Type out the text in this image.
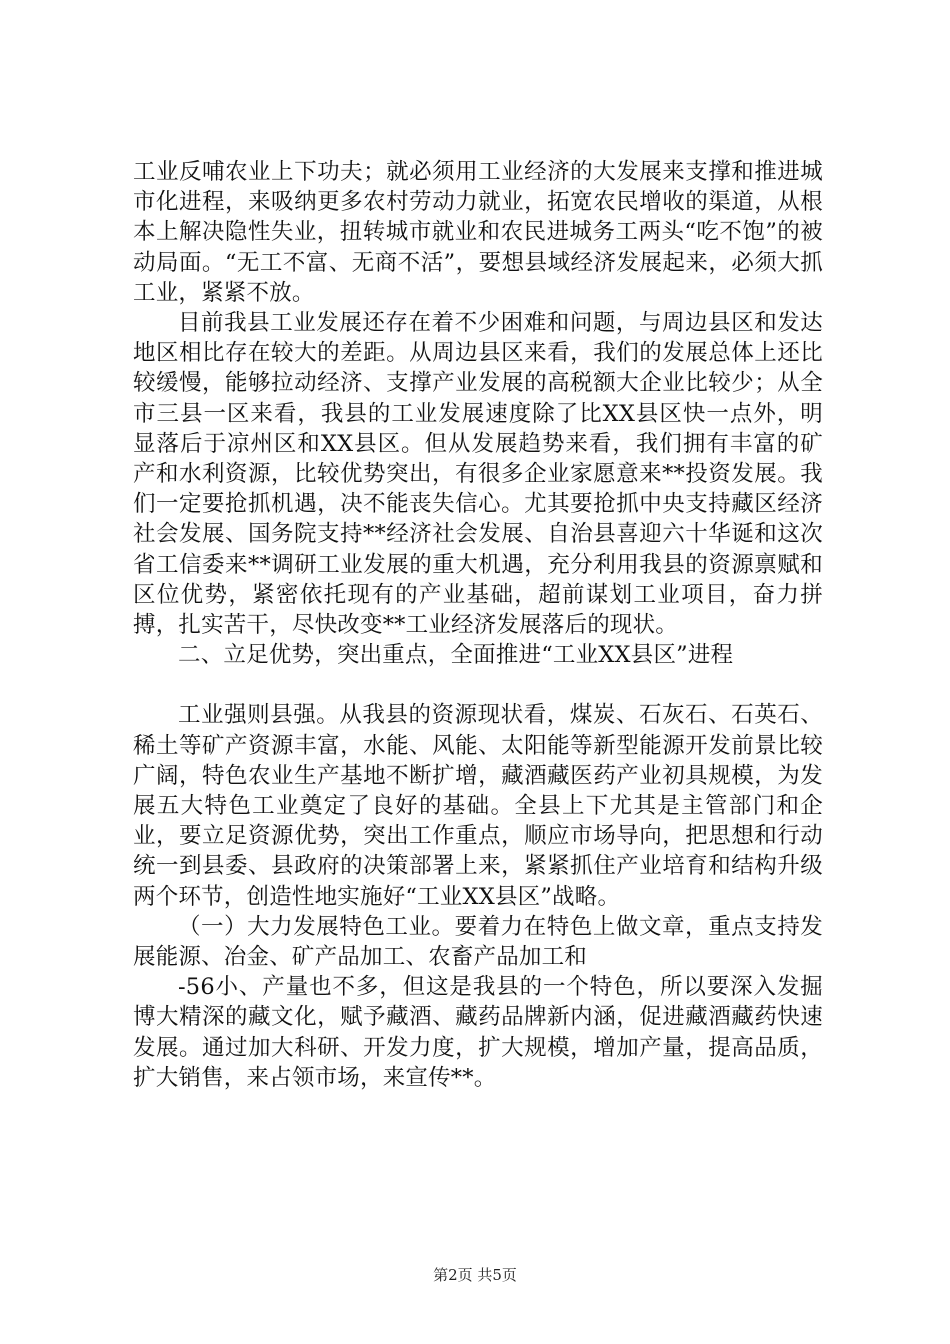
工业反哺农业上下功夫；就必须用工业经济的大发展来支撑和推进城市化进程，来吸纳更多农村劳动力就业，拓宽农民增收的渠道，从根本上解决隐性失业，扭转城市就业和农民进城务工两头“吃不饱”的被动局面。“无工不富、无商不活”，要想县域经济发展起来，必须大抓工业，紧紧不放。

目前我县工业发展还存在着不少困难和问题，与周边县区和发达地区相比存在较大的差距。从周边县区来看，我们的发展总体上还比较缓慢，能够拉动经济、支撑产业发展的高税额大企业比较少；从全市三县一区来看，我县的工业发展速度除了比XX县区快一点外，明显落后于凉州区和XX县区。但从发展趋势来看，我们拥有丰富的矿产和水利资源，比较优势突出，有很多企业家愿意来**投资发展。我们一定要抢抓机遇，决不能丧失信心。尤其要抢抓中央支持藏区经济社会发展、国务院支持**经济社会发展、自治县喜迎六十华诞和这次省工信委来**调研工业发展的重大机遇，充分利用我县的资源禀赋和区位优势，紧密依托现有的产业基础，超前谋划工业项目，奋力拼搏，扎实苦干，尽快改变**工业经济发展落后的现状。

二、立足优势，突出重点，全面推进“工业XX县区”进程

工业强则县强。从我县的资源现状看，煤炭、石灰石、石英石、稀土等矿产资源丰富，水能、风能、太阳能等新型能源开发前景比较广阔，特色农业生产基地不断扩增，藏酒藏医药产业初具规模，为发展五大特色工业奠定了良好的基础。全县上下尤其是主管部门和企业，要立足资源优势，突出工作重点，顺应市场导向，把思想和行动统一到县委、县政府的决策部署上来，紧紧抓住产业培育和结构升级两个环节，创造性地实施好“工业XX县区”战略。

（一）大力发展特色工业。要着力在特色上做文章，重点支持发展能源、冶金、矿产品加工、农畜产品加工和

-56小、产量也不多，但这是我县的一个特色，所以要深入发掘博大精深的藏文化，赋予藏酒、藏药品牌新内涵，促进藏酒藏药快速发展。通过加大科研、开发力度，扩大规模，增加产量，提高品质，扩大销售，来占领市场，来宣传**。

第2页 共5页
